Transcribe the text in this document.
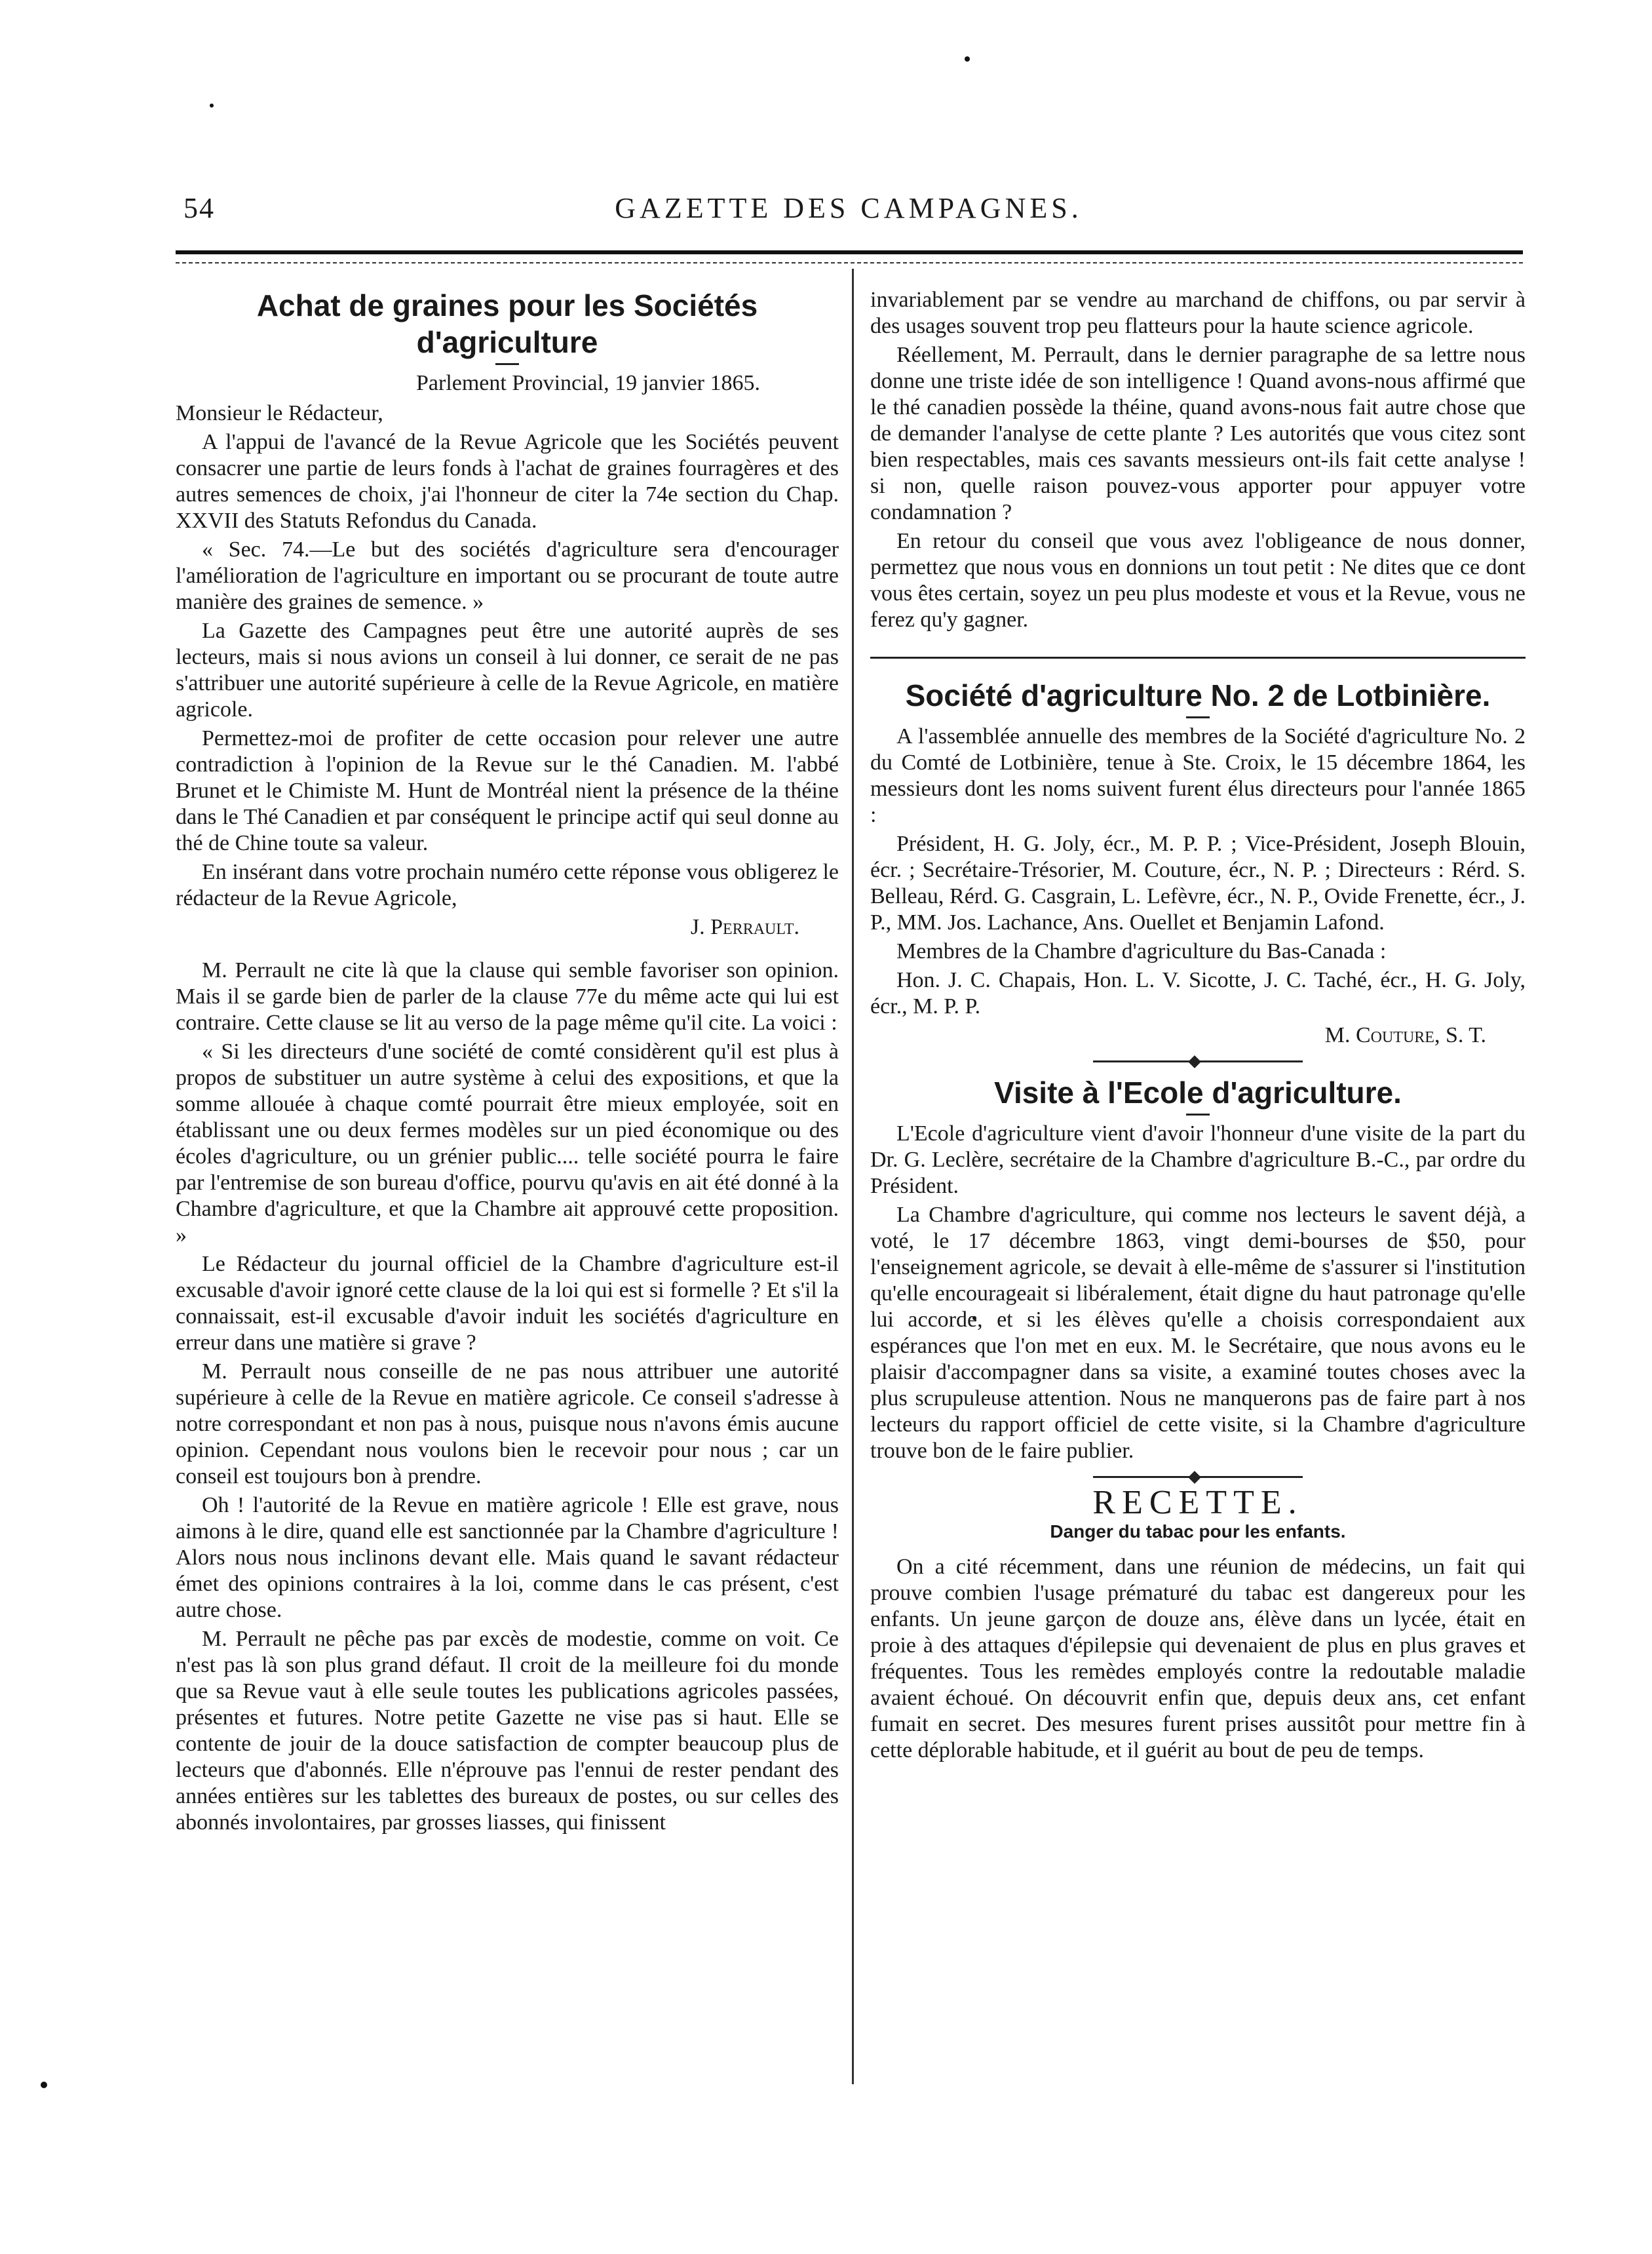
54	GAZETTE DES CAMPAGNES.
Achat de graines pour les Sociétés d'agriculture
Parlement Provincial, 19 janvier 1865.

Monsieur le Rédacteur,

A l'appui de l'avancé de la Revue Agricole que les Sociétés peuvent consacrer une partie de leurs fonds à l'achat de graines fourragères et des autres semences de choix, j'ai l'honneur de citer la 74e section du Chap. XXVII des Statuts Refondus du Canada.

« Sec. 74.—Le but des sociétés d'agriculture sera d'encourager l'amélioration de l'agriculture en important ou se procurant de toute autre manière des graines de semence. »

La Gazette des Campagnes peut être une autorité auprès de ses lecteurs, mais si nous avions un conseil à lui donner, ce serait de ne pas s'attribuer une autorité supérieure à celle de la Revue Agricole, en matière agricole.

Permettez-moi de profiter de cette occasion pour relever une autre contradiction à l'opinion de la Revue sur le thé Canadien. M. l'abbé Brunet et le Chimiste M. Hunt de Montréal nient la présence de la théine dans le Thé Canadien et par conséquent le principe actif qui seul donne au thé de Chine toute sa valeur.

En insérant dans votre prochain numéro cette réponse vous obligerez le rédacteur de la Revue Agricole,

J. Perrault.

M. Perrault ne cite là que la clause qui semble favoriser son opinion. Mais il se garde bien de parler de la clause 77e du même acte qui lui est contraire. Cette clause se lit au verso de la page même qu'il cite. La voici :

« Si les directeurs d'une société de comté considèrent qu'il est plus à propos de substituer un autre système à celui des expositions, et que la somme allouée à chaque comté pourrait être mieux employée, soit en établissant une ou deux fermes modèles sur un pied économique ou des écoles d'agriculture, ou un grénier public.... telle société pourra le faire par l'entremise de son bureau d'office, pourvu qu'avis en ait été donné à la Chambre d'agriculture, et que la Chambre ait approuvé cette proposition. »

Le Rédacteur du journal officiel de la Chambre d'agriculture est-il excusable d'avoir ignoré cette clause de la loi qui est si formelle ? Et s'il la connaissait, est-il excusable d'avoir induit les sociétés d'agriculture en erreur dans une matière si grave ?

M. Perrault nous conseille de ne pas nous attribuer une autorité supérieure à celle de la Revue en matière agricole. Ce conseil s'adresse à notre correspondant et non pas à nous, puisque nous n'avons émis aucune opinion. Cependant nous voulons bien le recevoir pour nous ; car un conseil est toujours bon à prendre.

Oh ! l'autorité de la Revue en matière agricole ! Elle est grave, nous aimons à le dire, quand elle est sanctionnée par la Chambre d'agriculture ! Alors nous nous inclinons devant elle. Mais quand le savant rédacteur émet des opinions contraires à la loi, comme dans le cas présent, c'est autre chose.

M. Perrault ne pêche pas par excès de modestie, comme on voit. Ce n'est pas là son plus grand défaut. Il croit de la meilleure foi du monde que sa Revue vaut à elle seule toutes les publications agricoles passées, présentes et futures. Notre petite Gazette ne vise pas si haut. Elle se contente de jouir de la douce satisfaction de compter beaucoup plus de lecteurs que d'abonnés. Elle n'éprouve pas l'ennui de rester pendant des années entières sur les tablettes des bureaux de postes, ou sur celles des abonnés involontaires, par grosses liasses, qui finissent

invariablement par se vendre au marchand de chiffons, ou par servir à des usages souvent trop peu flatteurs pour la haute science agricole.

Réellement, M. Perrault, dans le dernier paragraphe de sa lettre nous donne une triste idée de son intelligence ! Quand avons-nous affirmé que le thé canadien possède la théine, quand avons-nous fait autre chose que de demander l'analyse de cette plante ? Les autorités que vous citez sont bien respectables, mais ces savants messieurs ont-ils fait cette analyse ! si non, quelle raison pouvez-vous apporter pour appuyer votre condamnation ?

En retour du conseil que vous avez l'obligeance de nous donner, permettez que nous vous en donnions un tout petit : Ne dites que ce dont vous êtes certain, soyez un peu plus modeste et vous et la Revue, vous ne ferez qu'y gagner.

Société d'agriculture No. 2 de Lotbinière.

A l'assemblée annuelle des membres de la Société d'agriculture No. 2 du Comté de Lotbinière, tenue à Ste. Croix, le 15 décembre 1864, les messieurs dont les noms suivent furent élus directeurs pour l'année 1865 :

Président, H. G. Joly, écr., M. P. P. ; Vice-Président, Joseph Blouin, écr. ; Secrétaire-Trésorier, M. Couture, écr., N. P. ; Directeurs : Rérd. S. Belleau, Rérd. G. Casgrain, L. Lefèvre, écr., N. P., Ovide Frenette, écr., J. P., MM. Jos. Lachance, Ans. Ouellet et Benjamin Lafond.

Membres de la Chambre d'agriculture du Bas-Canada :

Hon. J. C. Chapais, Hon. L. V. Sicotte, J. C. Taché, écr., H. G. Joly, écr., M. P. P.

M. Couture, S. T.
Visite à l'Ecole d'agriculture.

L'Ecole d'agriculture vient d'avoir l'honneur d'une visite de la part du Dr. G. Leclère, secrétaire de la Chambre d'agriculture B.-C., par ordre du Président.

La Chambre d'agriculture, qui comme nos lecteurs le savent déjà, a voté, le 17 décembre 1863, vingt demi-bourses de $50, pour l'enseignement agricole, se devait à elle-même de s'assurer si l'institution qu'elle encourageait si libéralement, était digne du haut patronage qu'elle lui accorde, et si les élèves qu'elle a choisis correspondaient aux espérances que l'on met en eux. M. le Secrétaire, que nous avons eu le plaisir d'accompagner dans sa visite, a examiné toutes choses avec la plus scrupuleuse attention. Nous ne manquerons pas de faire part à nos lecteurs du rapport officiel de cette visite, si la Chambre d'agriculture trouve bon de le faire publier.

RECETTE.
Danger du tabac pour les enfants.

On a cité récemment, dans une réunion de médecins, un fait qui prouve combien l'usage prématuré du tabac est dangereux pour les enfants. Un jeune garçon de douze ans, élève dans un lycée, était en proie à des attaques d'épilepsie qui devenaient de plus en plus graves et fréquentes. Tous les remèdes employés contre la redoutable maladie avaient échoué. On découvrit enfin que, depuis deux ans, cet enfant fumait en secret. Des mesures furent prises aussitôt pour mettre fin à cette déplorable habitude, et il guérit au bout de peu de temps.
